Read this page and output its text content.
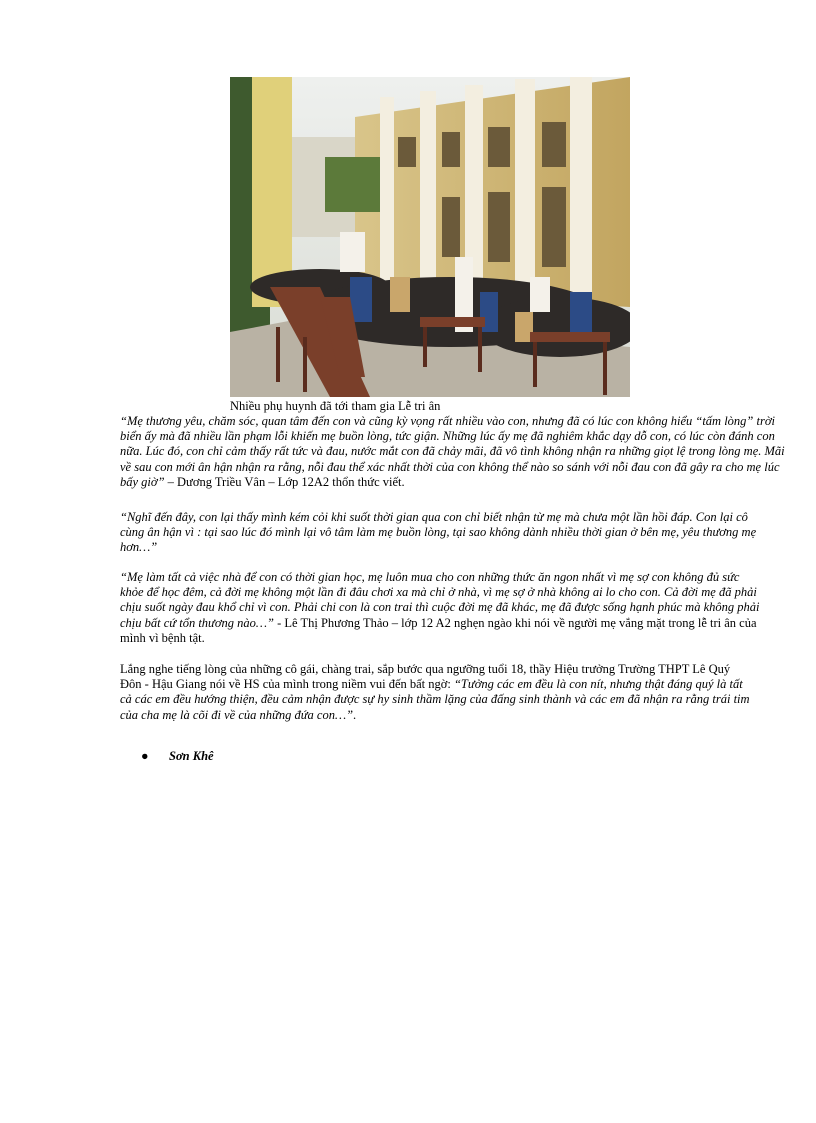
Nhiều phụ huynh đã tới tham gia Lễ tri ân

“Mẹ thương yêu, chăm sóc, quan tâm đến con và cũng kỳ vọng rất nhiều vào con, nhưng đã có lúc con không hiểu “tấm lòng” trời biển ấy mà đã nhiều lần phạm lỗi khiến mẹ buồn lòng, tức giận. Những lúc ấy mẹ đã nghiêm khắc dạy dỗ con, có lúc còn đánh con nữa. Lúc đó, con chỉ cảm thấy rất tức và đau, nước mắt con đã chảy mãi, đã vô tình không nhận ra những giọt lệ trong lòng mẹ. Mãi về sau con mới ân hận nhận ra rằng, nỗi đau thể xác nhất thời của con không thể nào so sánh với nỗi đau con đã gây ra cho mẹ lúc bấy giờ” – Dương Triều Vân – Lớp 12A2 thổn thức viết.

“Nghĩ đến đây, con lại thấy mình kém cỏi khi suốt thời gian qua con chỉ biết nhận từ mẹ mà chưa một lần hồi đáp. Con lại cô cùng ân hận vì : tại sao lúc đó mình lại vô tâm làm mẹ buồn lòng, tại sao không dành nhiều thời gian ở bên mẹ, yêu thương mẹ hơn…”

“Mẹ làm tất cả việc nhà để con có thời gian học, mẹ luôn mua cho con những thức ăn ngon nhất vì mẹ sợ con không đủ sức khỏe để học đêm, cả đời mẹ không một lần đi đâu chơi xa mà chỉ ở nhà, vì mẹ sợ ở nhà không ai lo cho con. Cả đời mẹ đã phải chịu suốt ngày đau khổ chỉ vì con. Phải chi con là con trai thì cuộc đời mẹ đã khác, mẹ đã được sống hạnh phúc mà không phải chịu bất cứ tổn thương nào…” - Lê Thị Phương Thảo – lớp 12 A2 nghẹn ngào khi nói về người mẹ vắng mặt trong lễ tri ân của mình vì bệnh tật.

Lắng nghe tiếng lòng của những cô gái, chàng trai, sắp bước qua ngưỡng tuổi 18, thầy Hiệu trưởng Trường THPT Lê Quý Đôn - Hậu Giang nói về HS của mình trong niềm vui đến bất ngờ: “Tưởng các em đều là con nít, nhưng thật đáng quý là tất cả các em đều hướng thiện, đều cảm nhận được sự hy sinh thầm lặng của đấng sinh thành và các em đã nhận ra rằng trái tim của cha mẹ là cõi đi về của những đứa con…”.

● Sơn Khê
